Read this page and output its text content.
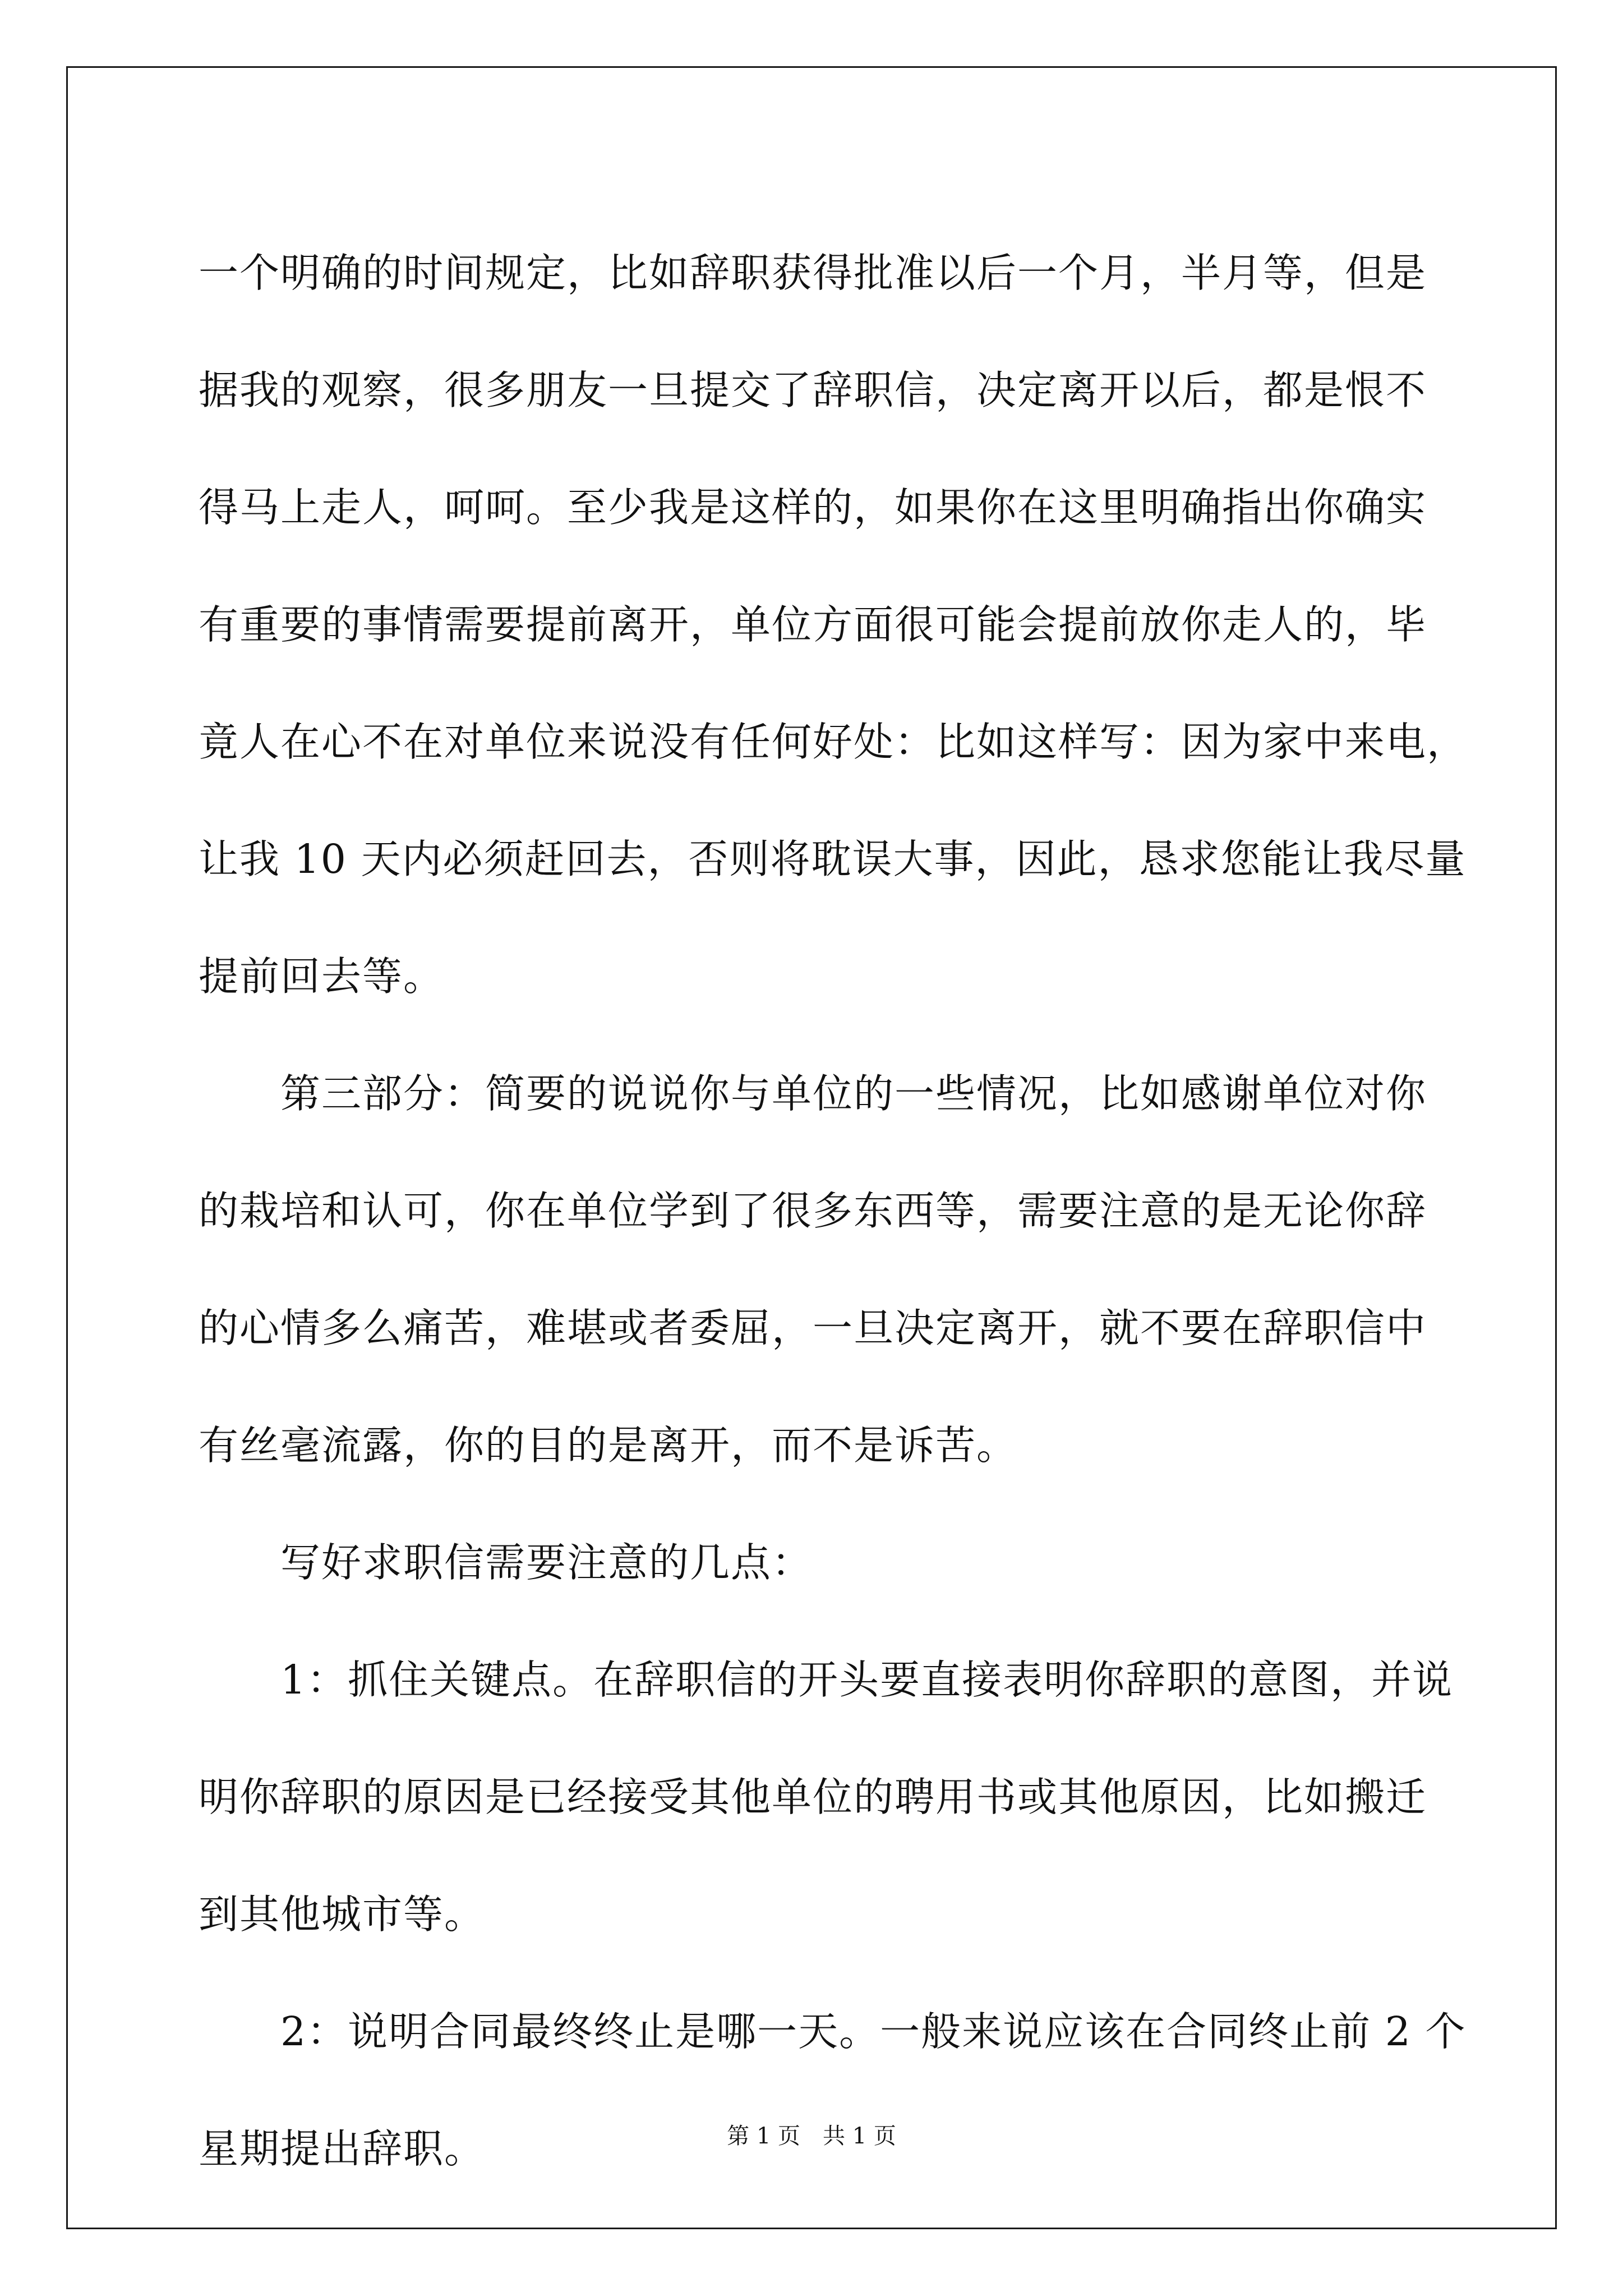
一个明确的时间规定，比如辞职获得批准以后一个月，半月等，但是
据我的观察，很多朋友一旦提交了辞职信，决定离开以后，都是恨不
得马上走人，呵呵。至少我是这样的，如果你在这里明确指出你确实
有重要的事情需要提前离开，单位方面很可能会提前放你走人的，毕
竟人在心不在对单位来说没有任何好处：比如这样写：因为家中来电，
让我 10 天内必须赶回去，否则将耽误大事，因此，恳求您能让我尽量
提前回去等。
第三部分：简要的说说你与单位的一些情况，比如感谢单位对你
的栽培和认可，你在单位学到了很多东西等，需要注意的是无论你辞
的心情多么痛苦，难堪或者委屈，一旦决定离开，就不要在辞职信中
有丝毫流露，你的目的是离开，而不是诉苦。
写好求职信需要注意的几点：
1：抓住关键点。在辞职信的开头要直接表明你辞职的意图，并说
明你辞职的原因是已经接受其他单位的聘用书或其他原因，比如搬迁
到其他城市等。
2：说明合同最终终止是哪一天。一般来说应该在合同终止前 2 个
星期提出辞职。	第 1 页　共 1 页
